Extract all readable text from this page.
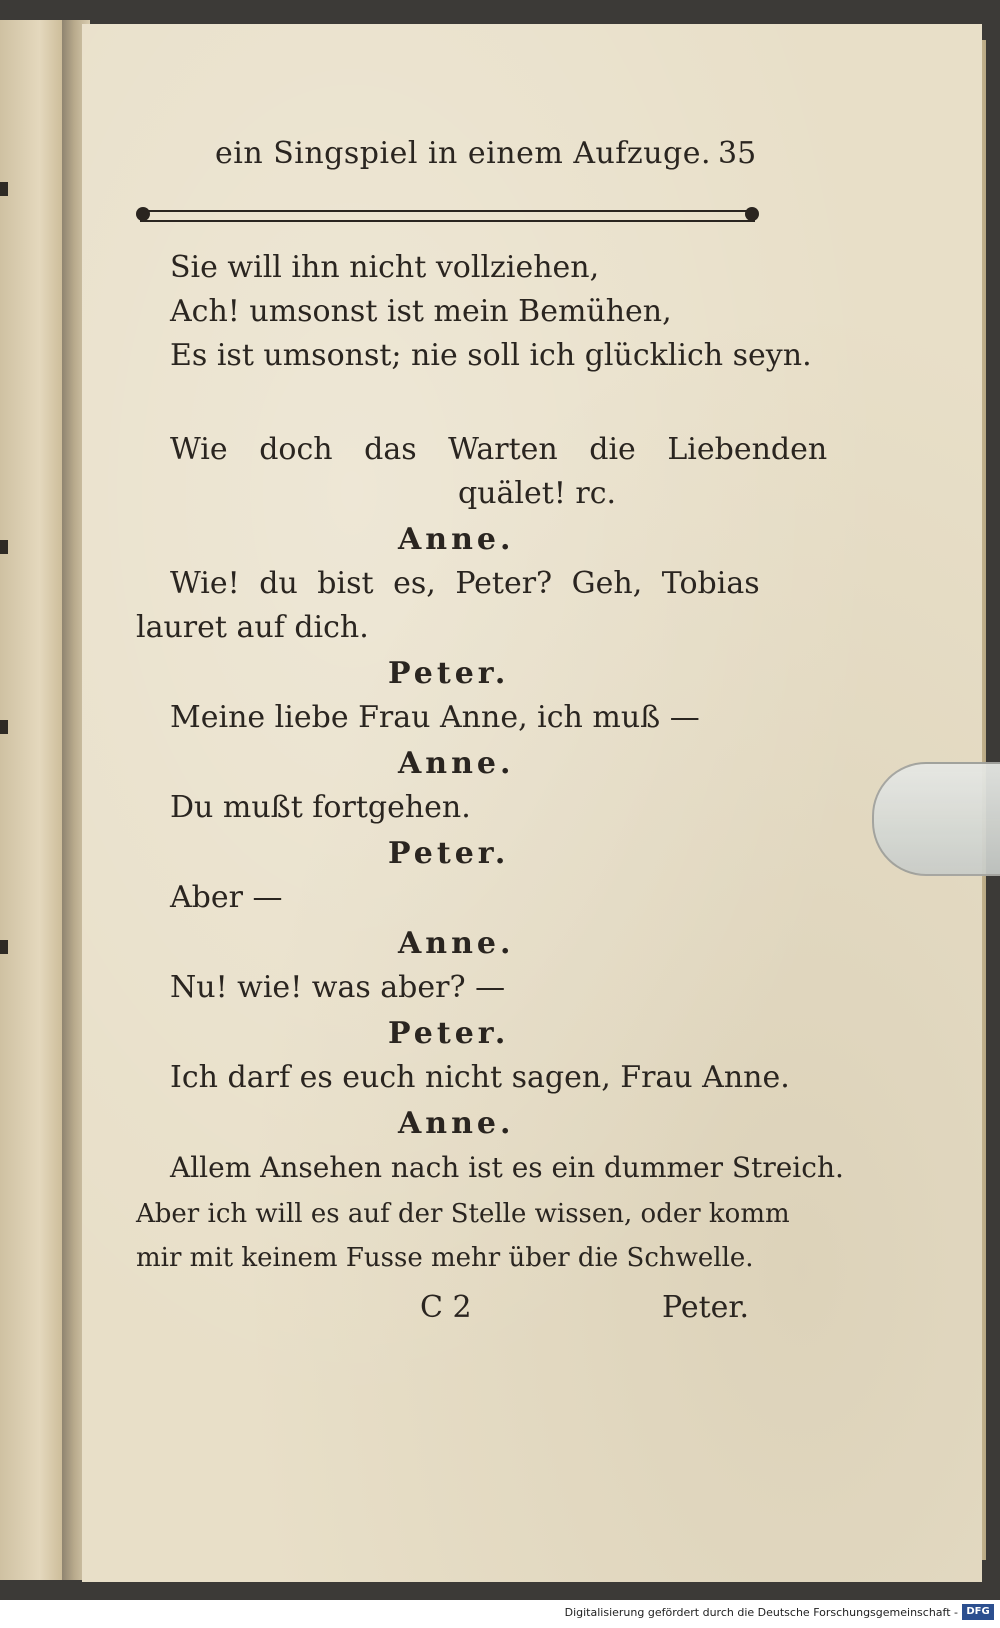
ein Singspiel in einem Aufzuge. 35
Sie will ihn nicht vollziehen,
Ach! umsonst ist mein Bemühen,
Es ist umsonst; nie soll ich glücklich seyn.
Wie doch das Warten die Liebenden
quälet! rc.
Anne.
Wie! du bist es, Peter? Geh, Tobias
lauret auf dich.
Peter.
Meine liebe Frau Anne, ich muß —
Anne.
Du mußt fortgehen.
Peter.
Aber —
Anne.
Nu! wie! was aber? —
Peter.
Ich darf es euch nicht sagen, Frau Anne.
Anne.
Allem Ansehen nach ist es ein dummer Streich.
Aber ich will es auf der Stelle wissen, oder komm
mir mit keinem Fusse mehr über die Schwelle.
C 2	Peter.
Digitalisierung gefördert durch die Deutsche Forschungsgemeinschaft - DFG
